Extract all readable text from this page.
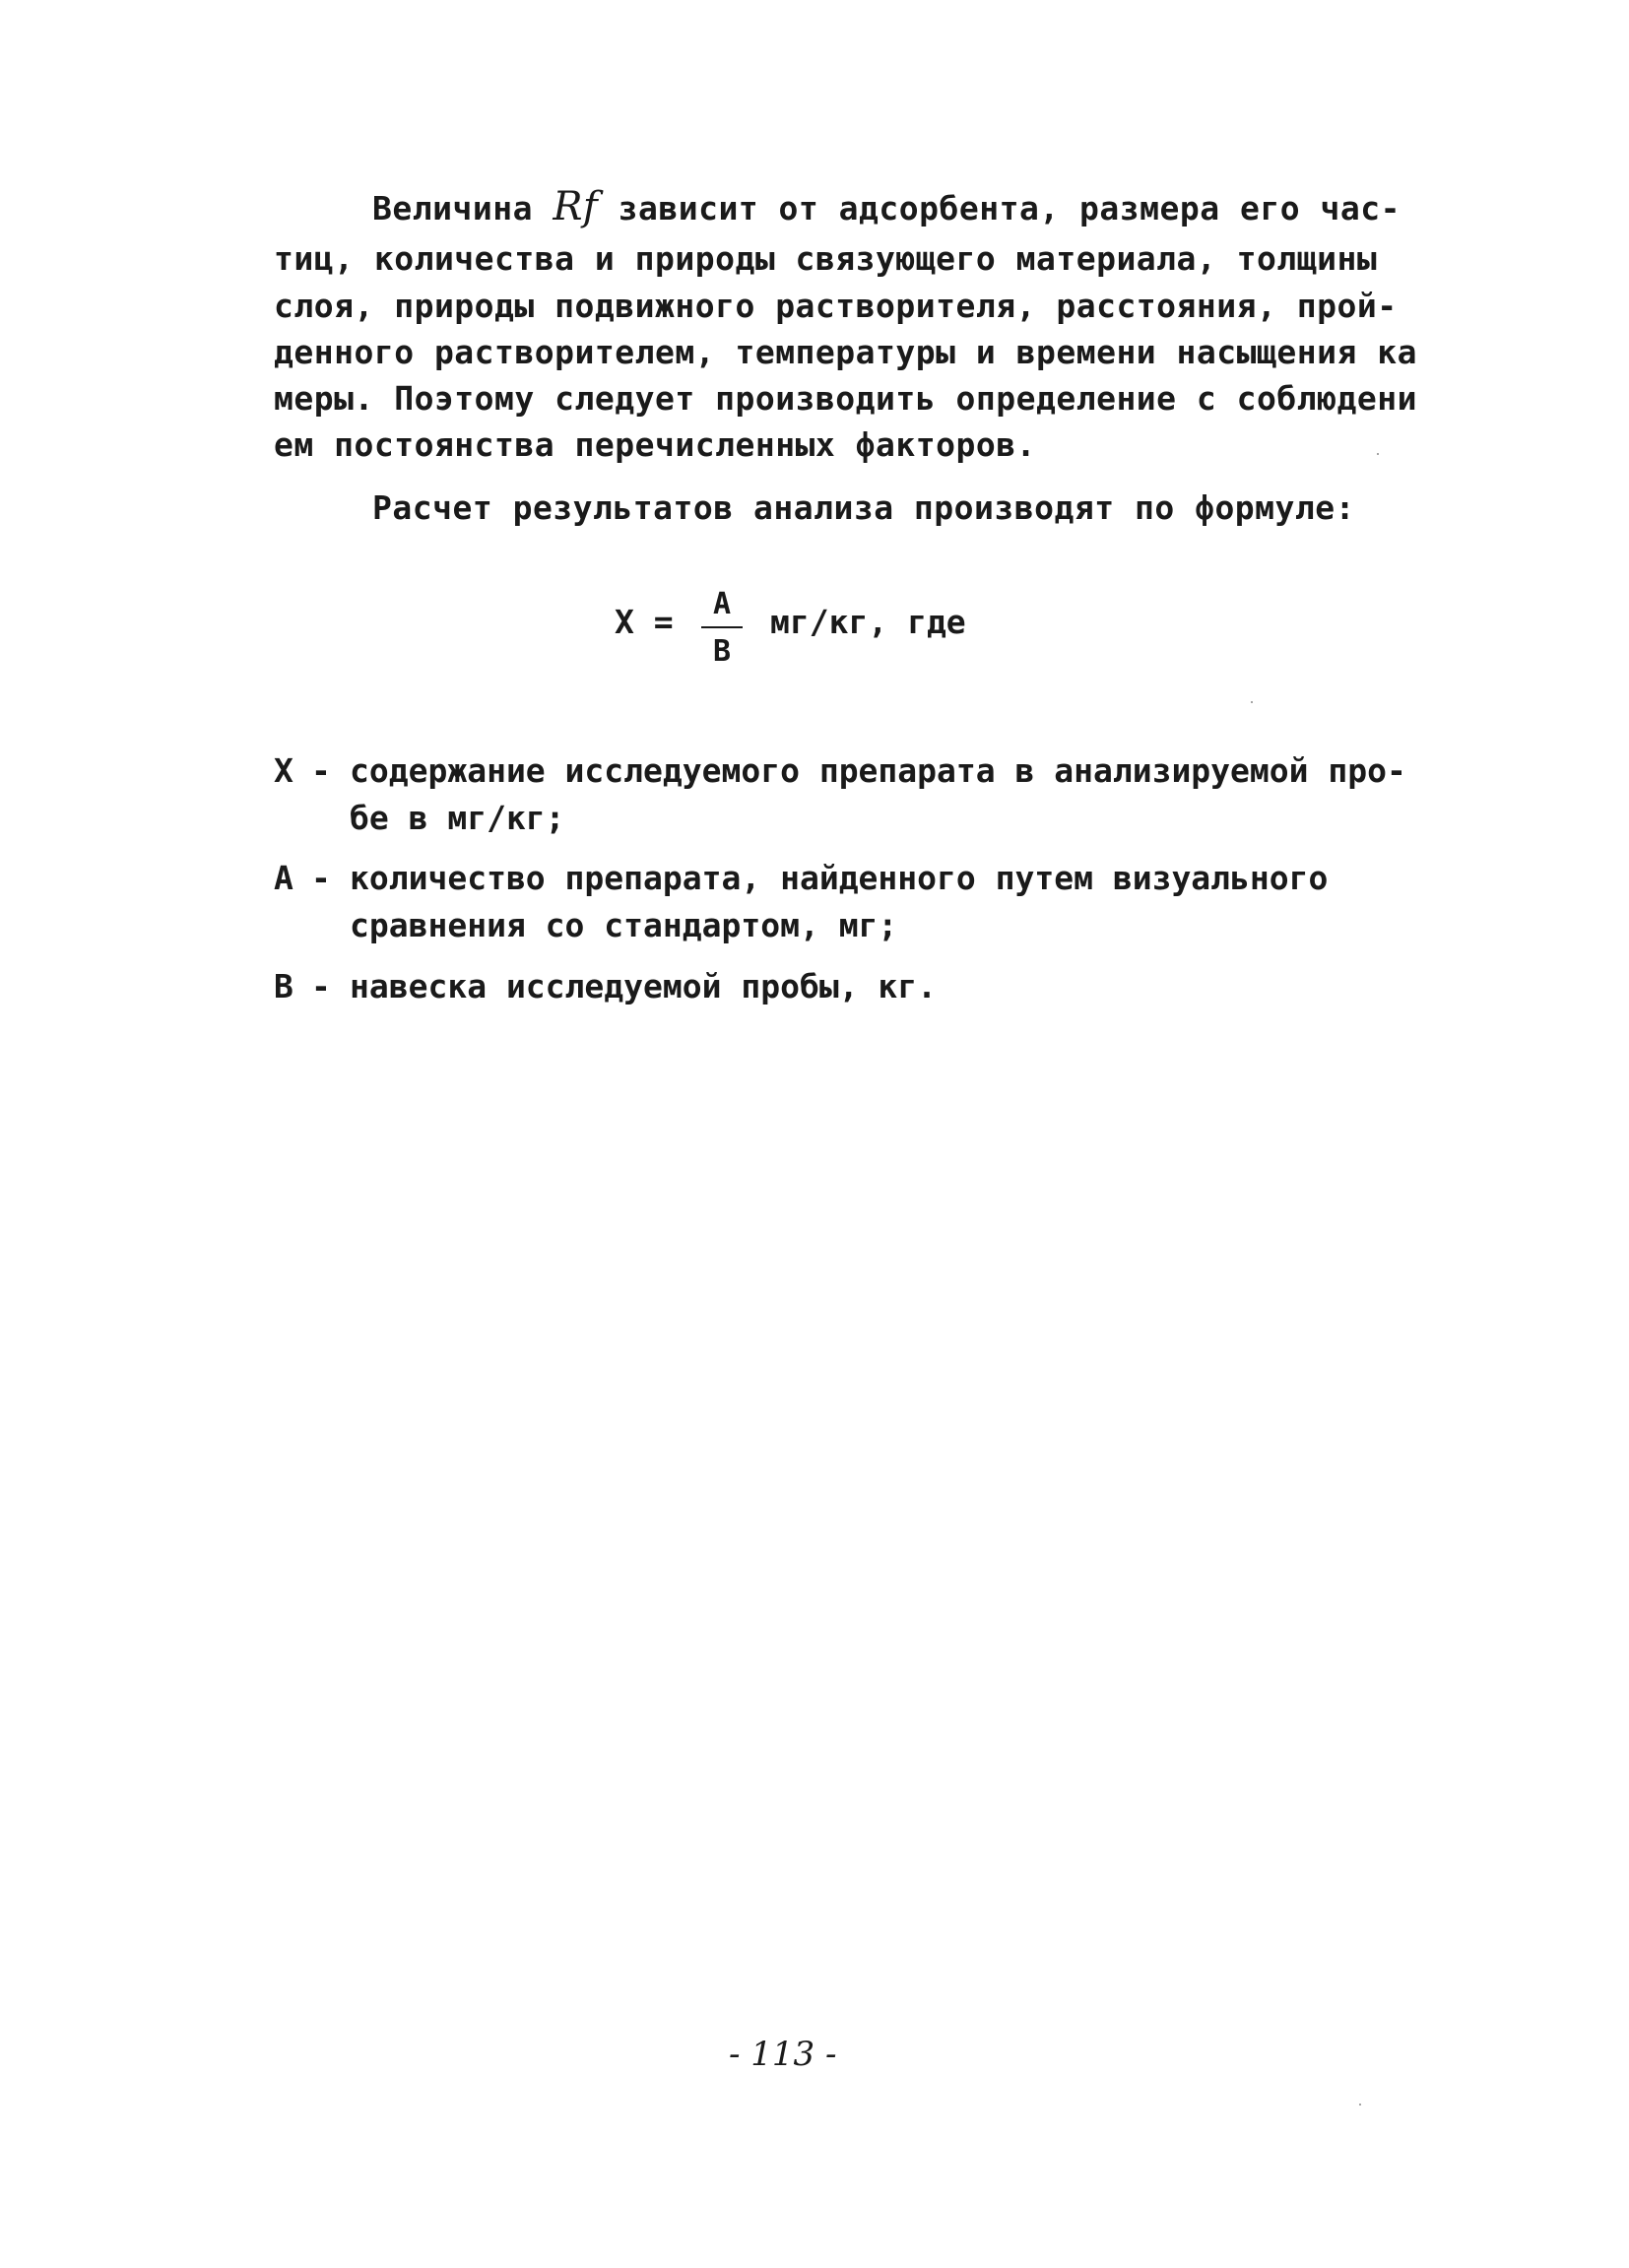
Величина Rf зависит от адсорбента, размера его час-
тиц, количества и природы связующего материала, толщины
слоя, природы подвижного растворителя, расстояния, прой-
денного растворителем, температуры и времени насыщения ка
меры. Поэтому следует производить определение с соблюдени
ем постоянства перечисленных факторов.
Расчет результатов анализа производят по формуле:
X = A
B
мг/кг, где
X - содержание исследуемого препарата в анализируемой про-
бе в мг/кг;
A - количество препарата, найденного путем визуального
сравнения со стандартом, мг;
B - навеска исследуемой пробы, кг.
- 113 -
